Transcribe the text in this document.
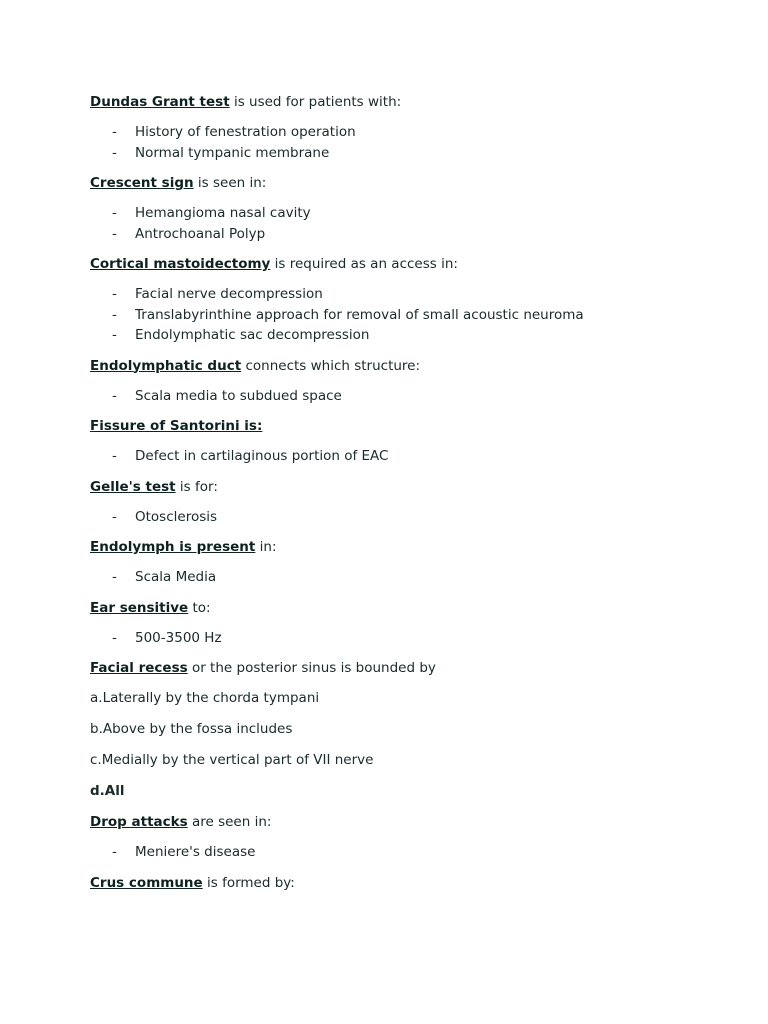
Dundas Grant test is used for patients with:
- History of fenestration operation
- Normal tympanic membrane
Crescent sign is seen in:
- Hemangioma nasal cavity
- Antrochoanal Polyp
Cortical mastoidectomy is required as an access in:
- Facial nerve decompression
- Translabyrinthine approach for removal of small acoustic neuroma
- Endolymphatic sac decompression
Endolymphatic duct connects which structure:
- Scala media to subdued space
Fissure of Santorini is:
- Defect in cartilaginous portion of EAC
Gelle's test is for:
- Otosclerosis
Endolymph is present in:
- Scala Media
Ear sensitive to:
- 500-3500 Hz
Facial recess or the posterior sinus is bounded by
a.Laterally by the chorda tympani
b.Above by the fossa includes
c.Medially by the vertical part of VII nerve
d.All
Drop attacks are seen in:
- Meniere's disease
Crus commune is formed by:
